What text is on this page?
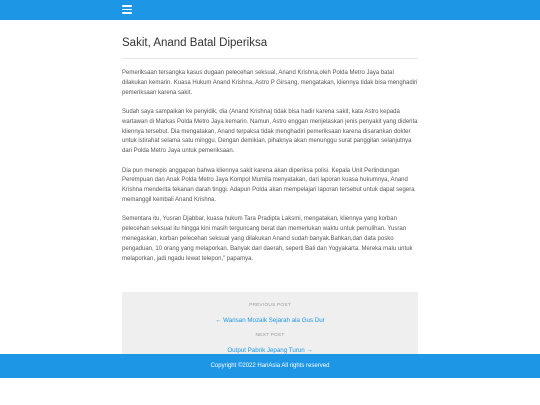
Sakit, Anand Batal Diperiksa

Pemeriksaan tersangka kasus dugaan pelecehan seksual, Anand Krishna,oleh Polda Metro Jaya batal dilakukan kemarin. Kuasa Hukum Anand Krishna, Astro P Girsang, mengatakan, kliennya tidak bisa menghadiri pemeriksaan karena sakit.

Sudah saya sampaikan ke penyidik, dia (Anand Krishna) tidak bisa hadir karena sakit, kata Astro kepada wartawan di Markas Polda Metro Jaya kemarin. Namun, Astro enggan menjelaskan jenis penyakit yang diderita kliennya tersebut. Dia mengatakan, Anand terpaksa tidak menghadiri pemeriksaan karena disarankan dokter untuk istirahat selama satu minggu. Dengan demikian, pihaknya akan menunggu surat panggilan selanjutnya dari Polda Metro Jaya untuk pemeriksaan.

Dia pun menepis anggapan bahwa kliennya sakit karena akan diperiksa polisi. Kepala Unit Perlindungan Perempuan dan Anak Polda Metro Jaya Kompol Mumila menyatakan, dari laporan kuasa hukumnya, Anand Krishna menderita tekanan darah tinggi. Adapun Polda akan mempelajari laporan tersebut untuk dapat segera memanggil kembali Anand Krishna.

Sementara itu, Yusran Djabbar, kuasa hukum Tara Pradipta Laksmi, mengatakan, kliennya yang korban pelecehan seksual itu hingga kini masih terguncang berat dan memerlukan waktu untuk pemulihan. Yusran menegaskan, korban pelecehan seksual yang dilakukan Anand sudah banyak.Bahkan,dari data posko pengaduan, 10 orang yang melaporkan. Banyak dari daerah, seperti Bali dan Yogyakarta. Mereka malu untuk melaporkan, jadi ngadu lewat telepon,” papamya.

PREVIOUS POST
← Warisan Mozaik Sejarah ala Gus Dur
NEXT POST
Output Pabrik Jepang Turun →
Copyright ©2022 HariAsia All rights reserved
